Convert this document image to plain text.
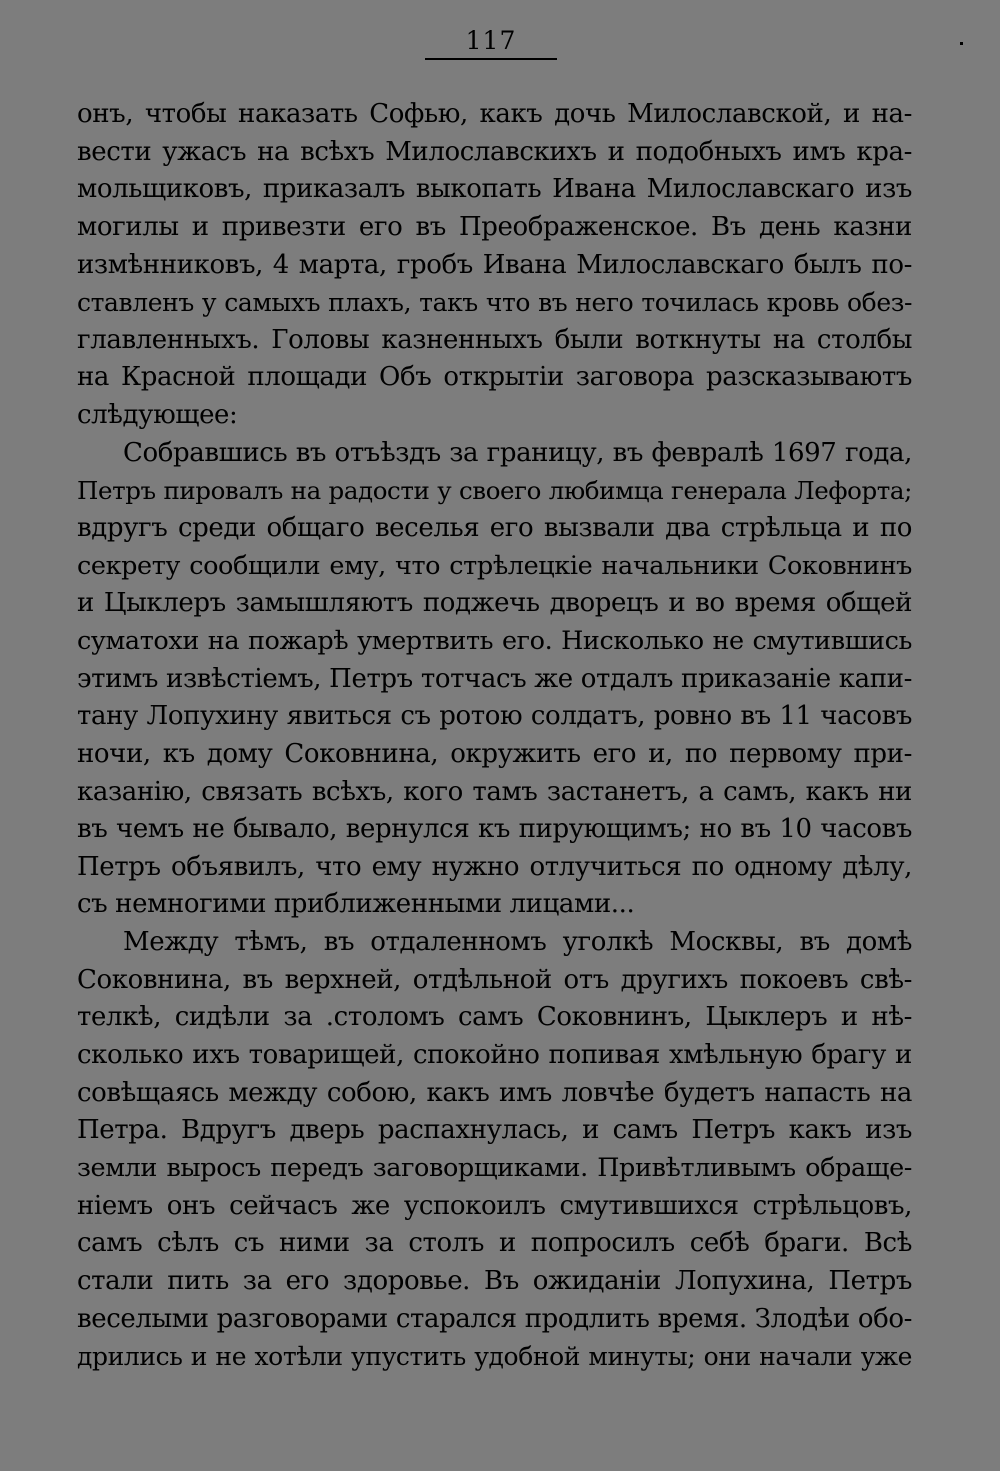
117
онъ, чтобы наказать Софью, какъ дочь Милославской, и на-
вести ужасъ на всѣхъ Милославскихъ и подобныхъ имъ кра-
мольщиковъ, приказалъ выкопать Ивана Милославскаго изъ
могилы и привезти его въ Преображенское. Въ день казни
измѣнниковъ, 4 марта, гробъ Ивана Милославскаго былъ по-
ставленъ у самыхъ плахъ, такъ что въ него точилась кровь обез-
главленныхъ. Головы казненныхъ были воткнуты на столбы
на Красной площади Объ открытіи заговора разсказываютъ
слѣдующее:
Собравшись въ отъѣздъ за границу, въ февралѣ 1697 года,
Петръ пировалъ на радости у своего любимца генерала Лефорта;
вдругъ среди общаго веселья его вызвали два стрѣльца и по
секрету сообщили ему, что стрѣлецкіе начальники Соковнинъ
и Цыклеръ замышляютъ поджечь дворецъ и во время общей
суматохи на пожарѣ умертвить его. Нисколько не смутившись
этимъ извѣстіемъ, Петръ тотчасъ же отдалъ приказаніе капи-
тану Лопухину явиться съ ротою солдатъ, ровно въ 11 часовъ
ночи, къ дому Соковнина, окружить его и, по первому при-
казанію, связать всѣхъ, кого тамъ застанетъ, а самъ, какъ ни
въ чемъ не бывало, вернулся къ пирующимъ; но въ 10 часовъ
Петръ объявилъ, что ему нужно отлучиться по одному дѣлу,
съ немногими приближенными лицами...
Между тѣмъ, въ отдаленномъ уголкѣ Москвы, въ домѣ
Соковнина, въ верхней, отдѣльной отъ другихъ покоевъ свѣ-
телкѣ, сидѣли за .столомъ самъ Соковнинъ, Цыклеръ и нѣ-
сколько ихъ товарищей, спокойно попивая хмѣльную брагу и
совѣщаясь между собою, какъ имъ ловчѣе будетъ напасть на
Петра. Вдругъ дверь распахнулась, и самъ Петръ какъ изъ
земли выросъ передъ заговорщиками. Привѣтливымъ обраще-
ніемъ онъ сейчасъ же успокоилъ смутившихся стрѣльцовъ,
самъ сѣлъ съ ними за столъ и попросилъ себѣ браги. Всѣ
стали пить за его здоровье. Въ ожиданіи Лопухина, Петръ
веселыми разговорами старался продлить время. Злодѣи обо-
дрились и не хотѣли упустить удобной минуты; они начали уже
